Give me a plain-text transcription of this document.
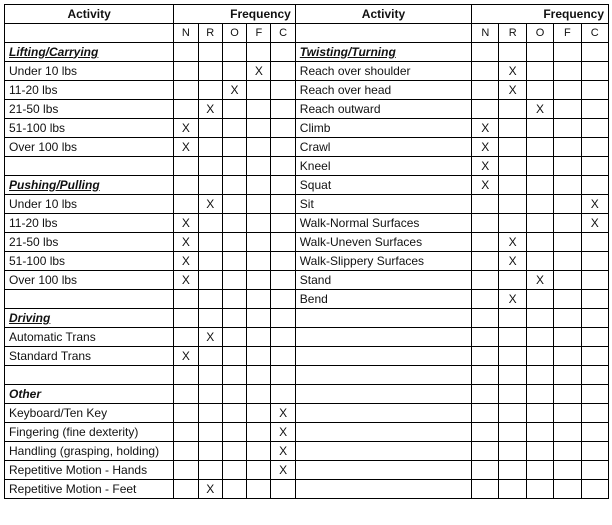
Activity	Frequency					Activity	Frequency				
	N	R	O	F	C		N	R	O	F	C
Lifting/Carrying						Twisting/Turning					
Under 10 lbs				X		Reach over shoulder		X			
11-20 lbs			X			Reach over head		X			
21-50 lbs		X				Reach outward			X		
51-100 lbs	X					Climb	X				
Over 100 lbs	X					Crawl	X				
						Kneel	X				
Pushing/Pulling						Squat	X				
Under 10 lbs		X				Sit					X
11-20 lbs	X					Walk-Normal Surfaces					X
21-50 lbs	X					Walk-Uneven Surfaces		X			
51-100 lbs	X					Walk-Slippery Surfaces		X			
Over 100 lbs	X					Stand			X		
						Bend		X			
Driving											
Automatic Trans		X									
Standard Trans	X										

Other											
Keyboard/Ten Key					X						
Fingering (fine dexterity)					X						
Handling (grasping, holding)					X						
Repetitive Motion - Hands					X						
Repetitive Motion - Feet		X									
